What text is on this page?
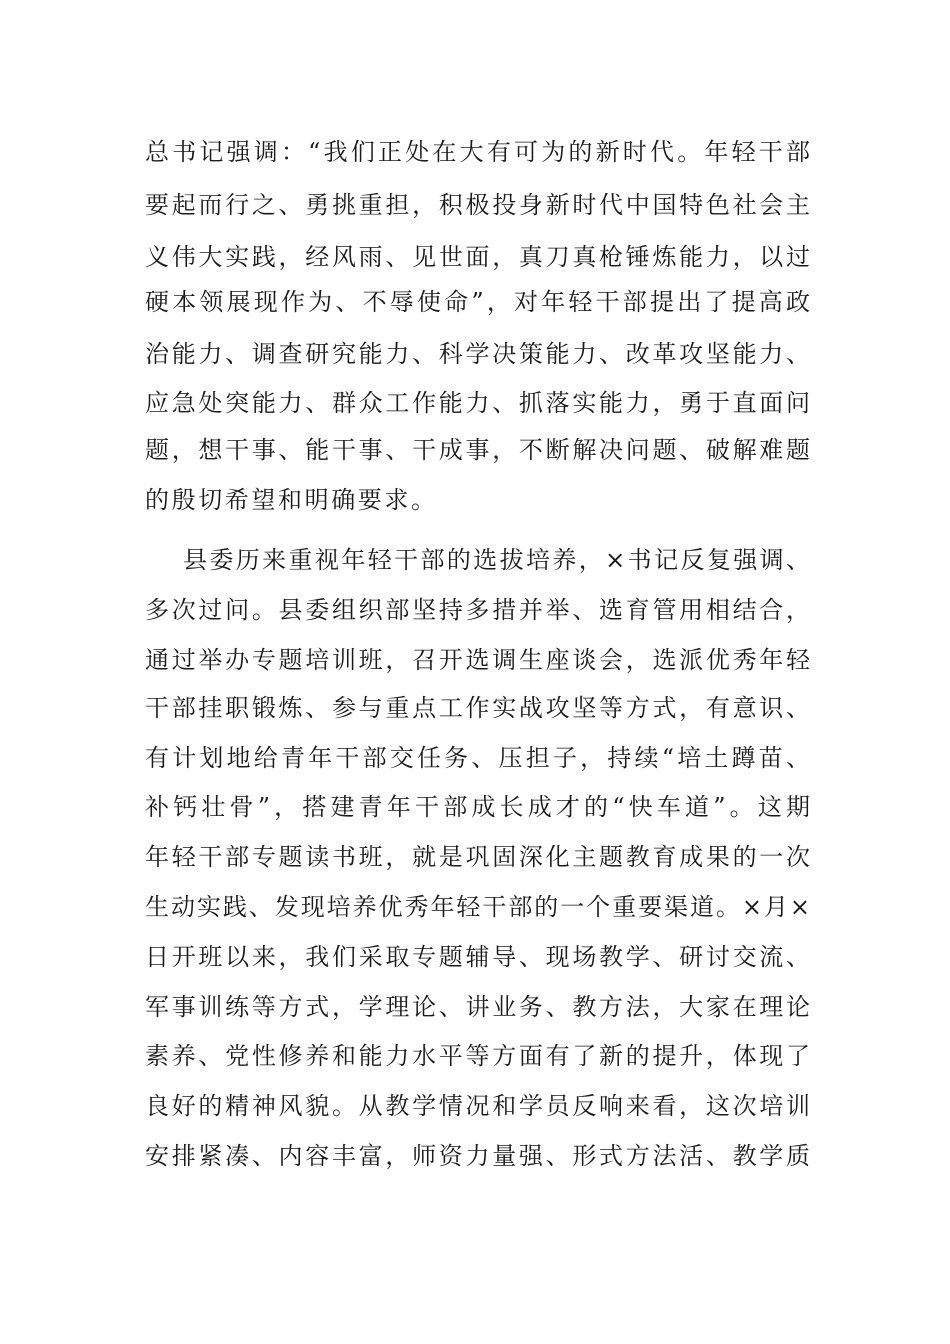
总书记强调：“我们正处在大有可为的新时代。年轻干部
要起而行之、勇挑重担，积极投身新时代中国特色社会主
义伟大实践，经风雨、见世面，真刀真枪锤炼能力，以过
硬本领展现作为、不辱使命”，对年轻干部提出了提高政
治能力、调查研究能力、科学决策能力、改革攻坚能力、
应急处突能力、群众工作能力、抓落实能力，勇于直面问
题，想干事、能干事、干成事，不断解决问题、破解难题
的殷切希望和明确要求。
县委历来重视年轻干部的选拔培养，×书记反复强调、
多次过问。县委组织部坚持多措并举、选育管用相结合，
通过举办专题培训班，召开选调生座谈会，选派优秀年轻
干部挂职锻炼、参与重点工作实战攻坚等方式，有意识、
有计划地给青年干部交任务、压担子，持续“培土蹲苗、
补钙壮骨”，搭建青年干部成长成才的“快车道”。这期
年轻干部专题读书班，就是巩固深化主题教育成果的一次
生动实践、发现培养优秀年轻干部的一个重要渠道。×月×
日开班以来，我们采取专题辅导、现场教学、研讨交流、
军事训练等方式，学理论、讲业务、教方法，大家在理论
素养、党性修养和能力水平等方面有了新的提升，体现了
良好的精神风貌。从教学情况和学员反响来看，这次培训
安排紧凑、内容丰富，师资力量强、形式方法活、教学质
